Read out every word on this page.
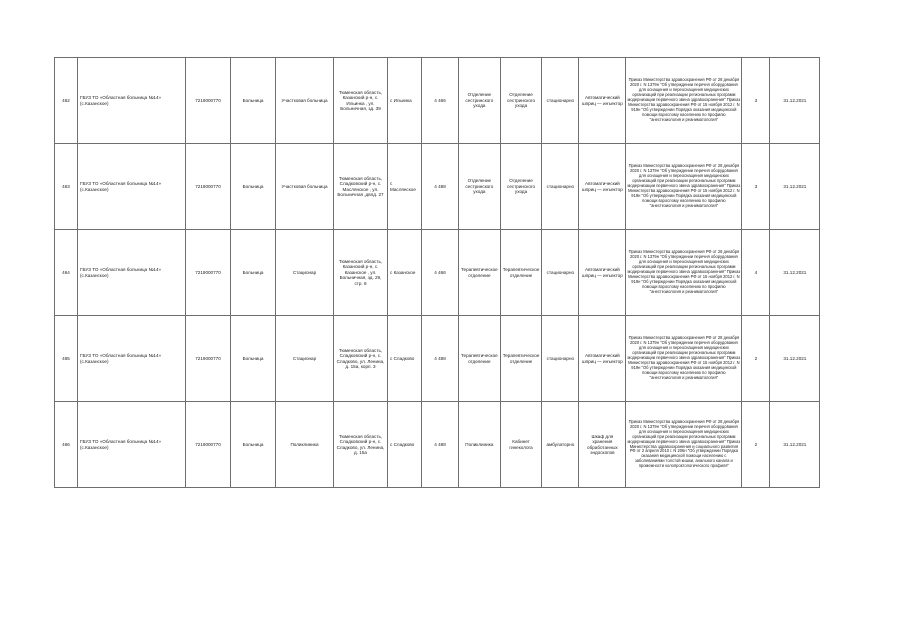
462	ГБУЗ ТО «Областная больница №14» (с.Казанское)	7219000770	Больница	Участковая больница	Тюменская область, Казанский р-н, с. Ильинка , ул. Больничная, зд. 39	с Ильинка	4 466	Отделение сестринского ухода	Отделение сестринского ухода	стационарно	Автоматический шприц — инъектор	Приказ Министерства здравоохранения РФ от 28 декабря 2020 г. N 1379н "Об утверждении перечня оборудования для оснащения и переоснащения медицинских организаций при реализации региональных программ модернизации первичного звена здравоохранения" Приказ Министерства здравоохранения РФ от 15 ноября 2012 г. N 919н "Об утверждении Порядка оказания медицинской помощи взрослому населению по профилю "анестезиология и реаниматология"	3	31.12.2021
463	ГБУЗ ТО «Областная больница №14» (с.Казанское)	7219000770	Больница	Участковая больница	Тюменская область, Сладковский р-н, с. Маслянское , ул. Больничная ,двлд. 27	с Маслянское	4 488	Отделение сестринского ухода	Отделение сестринского ухода	стационарно	Автоматический шприц — инъектор	Приказ Министерства здравоохранения РФ от 28 декабря 2020 г. N 1379н "Об утверждении перечня оборудования для оснащения и переоснащения медицинских организаций при реализации региональных программ модернизации первичного звена здравоохранения" Приказ Министерства здравоохранения РФ от 15 ноября 2012 г. N 919н "Об утверждении Порядка оказания медицинской помощи взрослому населению по профилю "анестезиология и реаниматология"	3	31.12.2021
464	ГБУЗ ТО «Областная больница №14» (с.Казанское)	7219000770	Больница	Стационар	Тюменская область, Казанский р-н, с. Казанское , ул. Больничная, зд. 29, стр. 8	с Казанское	4 466	Терапевтическое отделение	Терапевтическое отделение	стационарно	Автоматический шприц — инъектор	Приказ Министерства здравоохранения РФ от 28 декабря 2020 г. N 1379н "Об утверждении перечня оборудования для оснащения и переоснащения медицинских организаций при реализации региональных программ модернизации первичного звена здравоохранения" Приказ Министерства здравоохранения РФ от 15 ноября 2012 г. N 919н "Об утверждении Порядка оказания медицинской помощи взрослому населению по профилю "анестезиология и реаниматология"	4	31.12.2021
465	ГБУЗ ТО «Областная больница №14» (с.Казанское)	7219000770	Больница	Стационар	Тюменская область, Сладковский р-н, с. Сладково, ул. Ленина, д. 15а, корп. 3	с Сладково	4 488	Терапевтическое отделение	Терапевтическое отделение	стационарно	Автоматический шприц — инъектор	Приказ Министерства здравоохранения РФ от 28 декабря 2020 г. N 1379н "Об утверждении перечня оборудования для оснащения и переоснащения медицинских организаций при реализации региональных программ модернизации первичного звена здравоохранения" Приказ Министерства здравоохранения РФ от 15 ноября 2012 г. N 919н "Об утверждении Порядка оказания медицинской помощи взрослому населению по профилю "анестезиология и реаниматология"	2	31.12.2021
466	ГБУЗ ТО «Областная больница №14» (с.Казанское)	7219000770	Больница	Поликлиника	Тюменская область, Сладковский р-н, с. Сладково, ул. Ленина, д. 15а	с Сладково	4 488	Поликлиника	Кабинет гинеколога	амбулаторно	Шкаф для хранения обработанных эндоскопов	Приказ Министерства здравоохранения РФ от 28 декабря 2020 г. N 1379н "Об утверждении перечня оборудования для оснащения и переоснащения медицинских организаций при реализации региональных программ модернизации первичного звена здравоохранения" Приказ Министерства здравоохранения и социального развития РФ от 2 апреля 2010 г. N 206н "Об утверждении Порядка оказания медицинской помощи населению с заболеваниями толстой кишки, анального канала и промежности колопроктологического профиля"	2	31.12.2021
